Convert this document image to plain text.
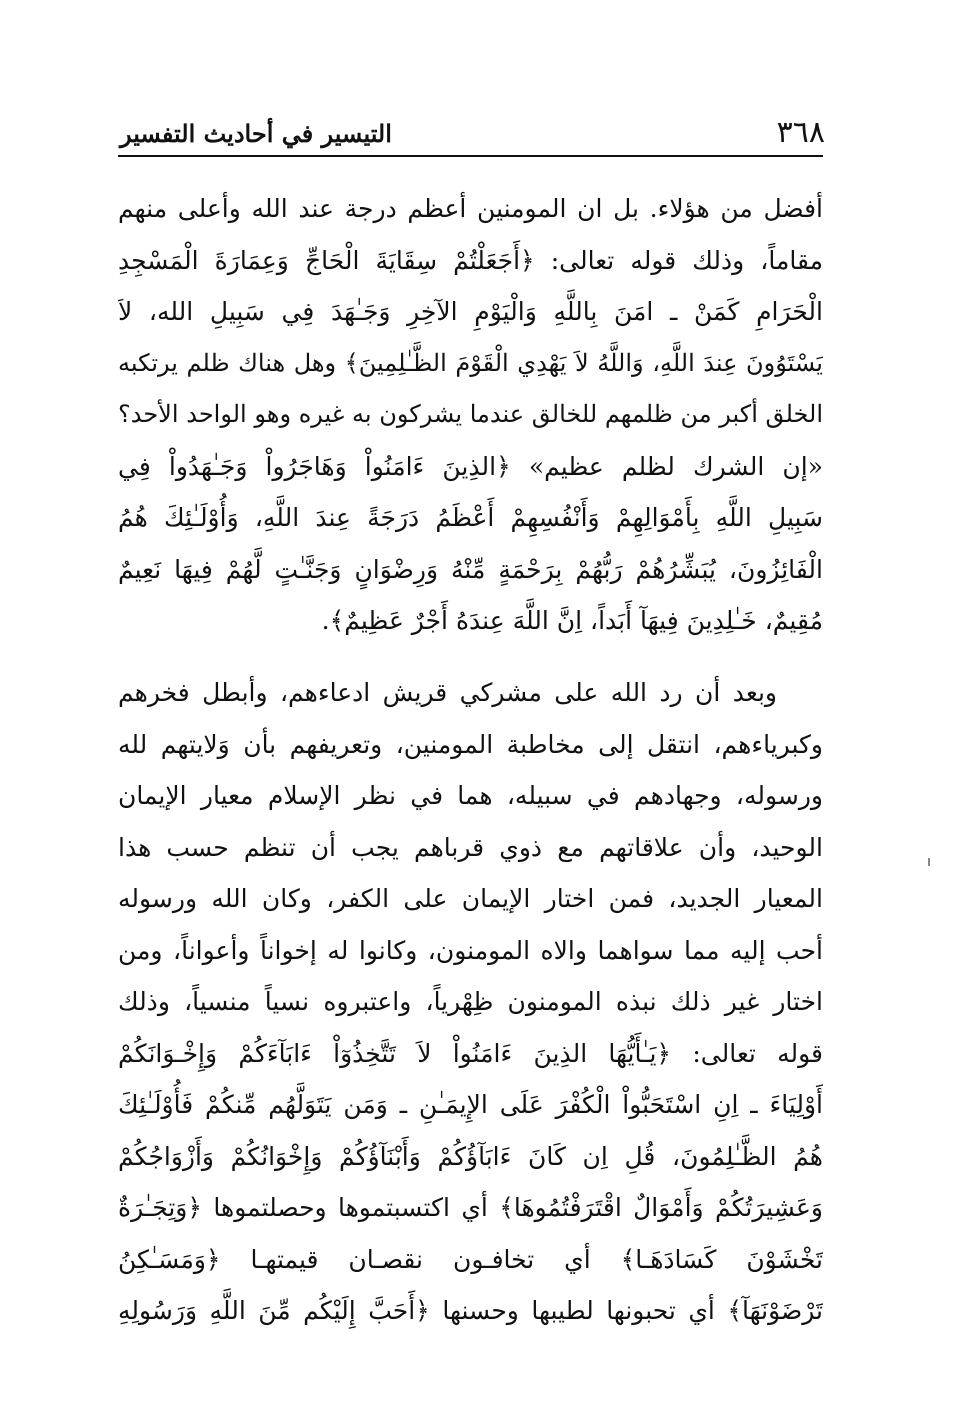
٣٦٨
التيسير في أحاديث التفسير
أفضل من هؤلاء. بل ان المومنين أعظم درجة عند الله وأعلى منهم
مقاماً، وذلك قوله تعالى: ﴿أَجَعَلْتُمْ سِقَايَةَ الْحَاجِّ وَعِمَارَةَ الْمَسْجِدِ
الْحَرَامِ كَمَنْ ـ امَنَ بِاللَّهِ وَالْيَوْمِ الآخِرِ وَجَـٰهَدَ فِي سَبِيلِ الله، لاَ
يَسْتَوُونَ عِندَ اللَّهِ، وَاللَّهُ لاَ يَهْدِي الْقَوْمَ الظَّـٰلِمِينَ﴾ وهل هناك ظلم يرتكبه
الخلق أكبر من ظلمهم للخالق عندما يشركون به غيره وهو الواحد الأحد؟
«إن الشرك لظلم عظيم» ﴿الذِينَ ءَامَنُواْ وَهَاجَرُواْ وَجَـٰهَدُواْ فِي
سَبِيلِ اللَّهِ بِأَمْوَالِهِمْ وَأَنْفُسِهِمْ أَعْظَمُ دَرَجَةً عِندَ اللَّهِ، وَأُوْلَـٰئِكَ هُمُ
الْفَائِزُونَ، يُبَشِّرُهُمْ رَبُّهُمْ بِرَحْمَةٍ مِّنْهُ وَرِضْوَانٍ وَجَنَّـٰتٍ لَّهُمْ فِيهَا نَعِيمٌ
مُقِيمٌ، خَـٰلِدِينَ فِيهَآ أَبَداً، اِنَّ اللَّهَ عِندَهُ أَجْرٌ عَظِيمٌ﴾.
وبعد أن رد الله على مشركي قريش ادعاءهم، وأبطل فخرهم
وكبرياءهم، انتقل إلى مخاطبة المومنين، وتعريفهم بأن وَلايتهم لله
ورسوله، وجهادهم في سبيله، هما في نظر الإسلام معيار الإيمان
الوحيد، وأن علاقاتهم مع ذوي قرباهم يجب أن تنظم حسب هذا
المعيار الجديد، فمن اختار الإيمان على الكفر، وكان الله ورسوله
أحب إليه مما سواهما والاه المومنون، وكانوا له إخواناً وأعواناً، ومن
اختار غير ذلك نبذه المومنون ظِهْرياً، واعتبروه نسياً منسياً، وذلك
قوله تعالى: ﴿يَـٰأَيُّهَا الذِينَ ءَامَنُواْ لاَ تَتَّخِذُوٓاْ ءَابَآءَكُمْ وَإِخْـوَانَكُمْ
أَوْلِيَاءَ ـ اِنِ اسْتَحَبُّواْ الْكُفْرَ عَلَى الإِيمَـٰنِ ـ وَمَن يَتَوَلَّهُم مِّنكُمْ فَأُوْلَـٰئِكَ
هُمُ الظَّـٰلِمُونَ، قُلِ اِن كَانَ ءَابَآؤُكُمْ وَأَبْنَآؤُكُمْ وَإِخْوَانُكُمْ وَأَزْوَاجُكُمْ
وَعَشِيرَتُكُمْ وَأَمْوَالٌ اقْتَرَفْتُمُوهَا﴾ أي اكتسبتموها وحصلتموها ﴿وَتِجَـٰرَةٌ
تَخْشَوْنَ كَسَادَهَـا﴾ أي تخافـون نقصـان قيمتهـا ﴿وَمَسَـٰكِنُ
تَرْضَوْنَهَآ﴾ أي تحبونها لطيبها وحسنها ﴿أَحَبَّ إِلَيْكُم مِّنَ اللَّهِ وَرَسُولِهِ
